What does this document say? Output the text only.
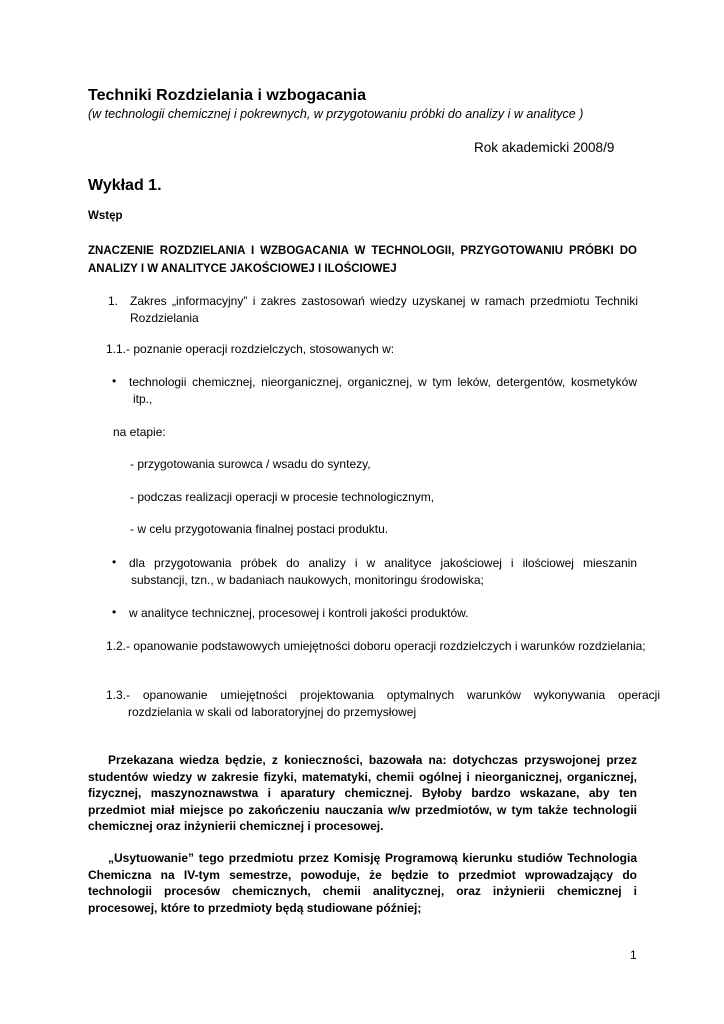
Techniki Rozdzielania i wzbogacania
(w technologii chemicznej i pokrewnych, w przygotowaniu próbki do analizy i w analityce )
Rok akademicki 2008/9
Wykład 1.
Wstęp
ZNACZENIE ROZDZIELANIA I WZBOGACANIA W TECHNOLOGII, PRZYGOTOWANIU PRÓBKI DO ANALIZY I W ANALITYCE JAKOŚCIOWEJ I ILOŚCIOWEJ
1. Zakres „informacyjny” i zakres zastosowań wiedzy uzyskanej w ramach przedmiotu Techniki Rozdzielania
1.1.- poznanie operacji rozdzielczych, stosowanych w:
• technologii chemicznej, nieorganicznej, organicznej, w tym leków, detergentów, kosmetyków
itp.,
na etapie:
- przygotowania surowca / wsadu do syntezy,
- podczas realizacji operacji w procesie technologicznym,
- w celu przygotowania finalnej postaci produktu.
• dla przygotowania próbek do analizy i w analityce jakościowej i ilościowej mieszanin
substancji, tzn., w badaniach naukowych, monitoringu środowiska;
• w analityce technicznej, procesowej i kontroli jakości produktów.
1.2.- opanowanie podstawowych umiejętności doboru operacji rozdzielczych i warunków rozdzielania;
1.3.- opanowanie umiejętności projektowania optymalnych warunków wykonywania operacji rozdzielania w skali od laboratoryjnej do przemysłowej
Przekazana wiedza będzie, z konieczności, bazowała na: dotychczas przyswojonej przez studentów wiedzy w zakresie fizyki, matematyki, chemii ogólnej i nieorganicznej, organicznej, fizycznej, maszynoznawstwa i aparatury chemicznej. Byłoby bardzo wskazane, aby ten przedmiot miał miejsce po zakończeniu nauczania w/w przedmiotów, w tym także technologii chemicznej oraz inżynierii chemicznej i procesowej.
„Usytuowanie” tego przedmiotu przez Komisję Programową kierunku studiów Technologia Chemiczna na IV-tym semestrze, powoduje, że będzie to przedmiot wprowadzający do technologii procesów chemicznych, chemii analitycznej, oraz inżynierii chemicznej i procesowej, które to przedmioty będą studiowane później;
1
